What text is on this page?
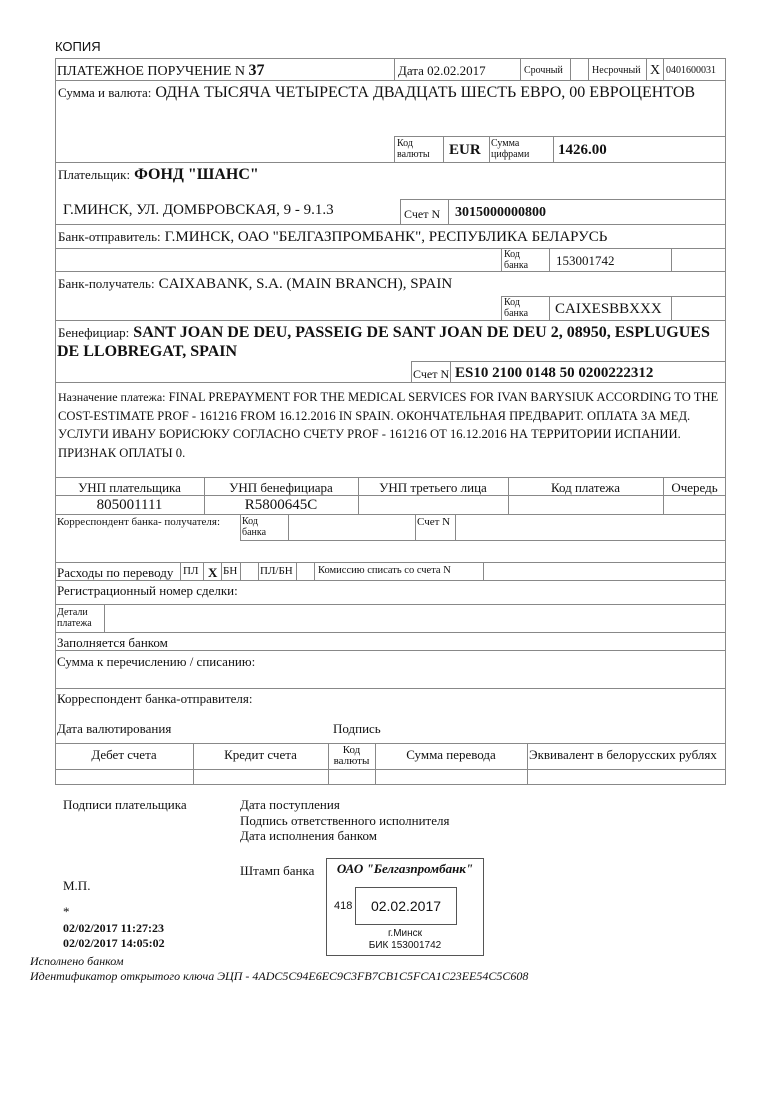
КОПИЯ
ПЛАТЕЖНОЕ ПОРУЧЕНИЕ N 37	Дата 02.02.2017	Срочный	Несрочный X 0401600031
Сумма и валюта: ОДНА ТЫСЯЧА ЧЕТЫРЕСТА ДВАДЦАТЬ ШЕСТЬ ЕВРО, 00 ЕВРОЦЕНТОВ
Код валюты	EUR Сумма цифрами	1426.00
Плательщик: ФОНД "ШАНС"
Г.МИНСК, УЛ. ДОМБРОВСКАЯ, 9 - 9.1.3	Счет N 3015000000800
Банк-отправитель: Г.МИНСК, ОАО "БЕЛГАЗПРОМБАНК", РЕСПУБЛИКА БЕЛАРУСЬ
Код банка	153001742
Банк-получатель: CAIXABANK, S.A. (MAIN BRANCH), SPAIN
Код банка	CAIXESBBXXX
Бенефициар: SANT JOAN DE DEU, PASSEIG DE SANT JOAN DE DEU 2, 08950, ESPLUGUES
DE LLOBREGAT, SPAIN
Счет N ES10 2100 0148 50 0200222312
Назначение платежа: FINAL PREPAYMENT FOR THE MEDICAL SERVICES FOR IVAN BARYSIUK ACCORDING TO THE COST-ESTIMATE PROF - 161216 FROM 16.12.2016 IN SPAIN. ОКОНЧАТЕЛЬНАЯ ПРЕДВАРИТ. ОПЛАТА ЗА МЕД. УСЛУГИ ИВАНУ БОРИСЮКУ СОГЛАСНО СЧЕТУ PROF - 161216 ОТ 16.12.2016 НА ТЕРРИТОРИИ ИСПАНИИ. ПРИЗНАК ОПЛАТЫ 0.
УНП плательщика	УНП бенефициара	УНП третьего лица	Код платежа	Очередь
805001111	R5800645C
Корреспондент банка- получателя: Код банка
Счет N
Расходы по переводу ПЛ X БН ПЛ/БН Комиссию списать со счета N
Регистрационный номер сделки:
Детали платежа
Заполняется банком
Сумма к перечислению / списанию:
Корреспондент банка-отправителя:
Дата валютирования	Подпись
Дебет счета	Кредит счета	Код валюты	Сумма перевода	Эквивалент в белорусских рублях
Подписи плательщика	Дата поступления
Подпись ответственного исполнителя
Дата исполнения банком
Штамп банка
М.П.
*
02/02/2017 11:27:23
02/02/2017 14:05:02
Исполнено банком
Идентификатор открытого ключа ЭЦП - 4ADC5C94E6EC9C3FB7CB1C5FCA1C23EE54C5C608
ОАО "Белгазпромбанк"
418	02.02.2017
г.Минск
БИК 153001742
